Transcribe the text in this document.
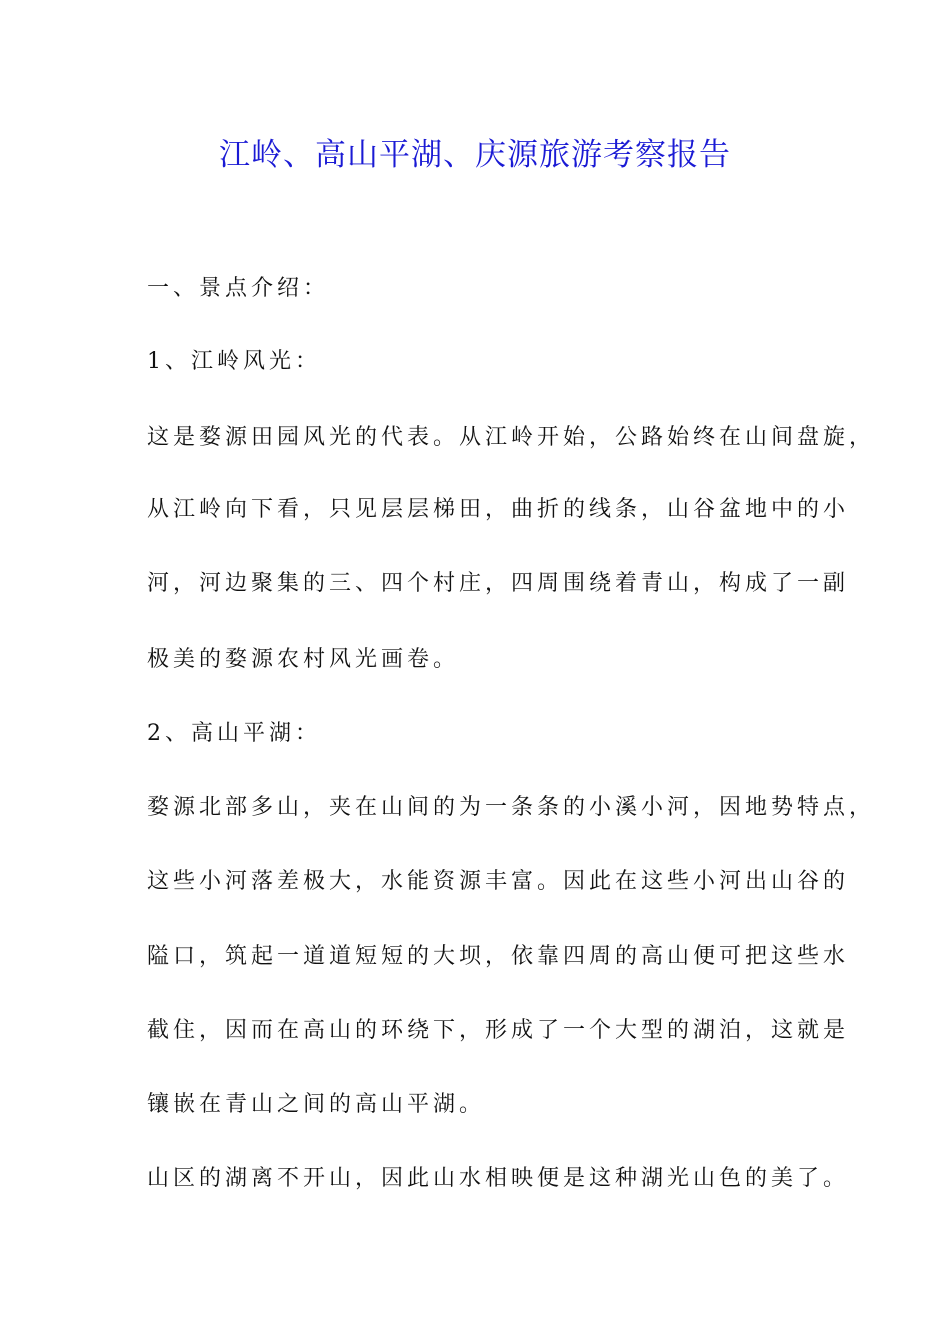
江岭、高山平湖、庆源旅游考察报告
一、景点介绍：
1、江岭风光：
这是婺源田园风光的代表。从江岭开始，公路始终在山间盘旋，
从江岭向下看，只见层层梯田，曲折的线条，山谷盆地中的小
河，河边聚集的三、四个村庄，四周围绕着青山，构成了一副
极美的婺源农村风光画卷。
2、高山平湖：
婺源北部多山，夹在山间的为一条条的小溪小河，因地势特点，
这些小河落差极大，水能资源丰富。因此在这些小河出山谷的
隘口，筑起一道道短短的大坝，依靠四周的高山便可把这些水
截住，因而在高山的环绕下，形成了一个大型的湖泊，这就是
镶嵌在青山之间的高山平湖。
山区的湖离不开山，因此山水相映便是这种湖光山色的美了。
